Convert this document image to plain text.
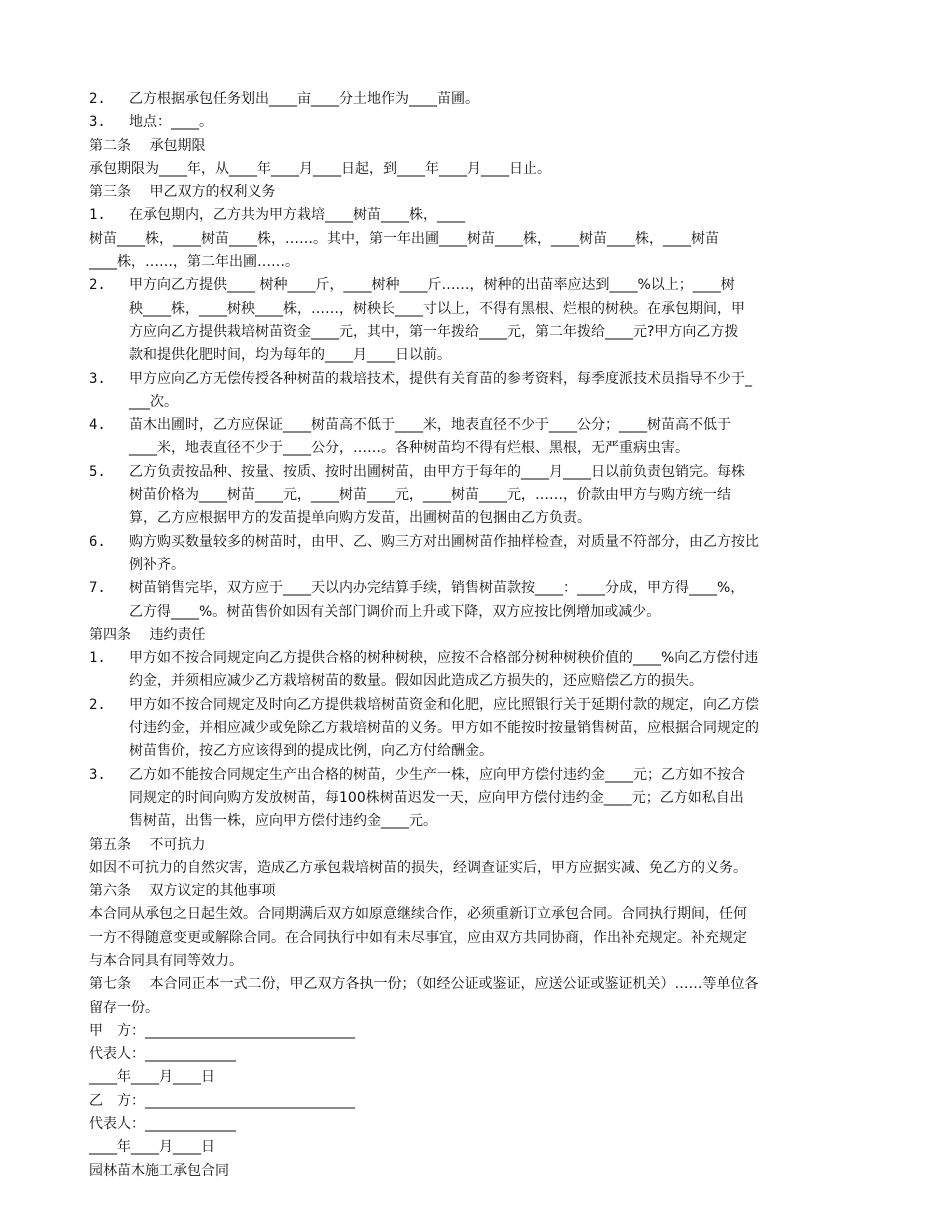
2.	乙方根据承包任务划出____亩____分土地作为____苗圃。
3.	地点：____。
第二条　 承包期限
承包期限为____年，从____年____月____日起，到____年____月____日止。
第三条　 甲乙双方的权利义务
1.	在承包期内，乙方共为甲方栽培____树苗____株，____
树苗____株，____树苗____株，……。其中，第一年出圃____树苗____株，____树苗____株，____树苗
____株，……，第二年出圃……。
2.	甲方向乙方提供____ 树种____斤，____树种____斤……，树种的出苗率应达到____%以上；____树
秧____株，____树秧____株，……，树秧长____寸以上，不得有黑根、烂根的树秧。在承包期间，甲
方应向乙方提供栽培树苗资金____元，其中，第一年拨给____元，第二年拨给____元?甲方向乙方拨
款和提供化肥时间，均为每年的____月____日以前。
3.	甲方应向乙方无偿传授各种树苗的栽培技术，提供有关育苗的参考资料，每季度派技术员指导不少于_
___次。
4.	苗木出圃时，乙方应保证____树苗高不低于____米，地表直径不少于____公分；____树苗高不低于
____米，地表直径不少于____公分，……。各种树苗均不得有烂根、黑根，无严重病虫害。
5.	乙方负责按品种、按量、按质、按时出圃树苗，由甲方于每年的____月____日以前负责包销完。每株
树苗价格为____树苗____元，____树苗____元，____树苗____元，……，价款由甲方与购方统一结
算，乙方应根据甲方的发苗提单向购方发苗，出圃树苗的包捆由乙方负责。
6.	购方购买数量较多的树苗时，由甲、乙、购三方对出圃树苗作抽样检查，对质量不符部分，由乙方按比
例补齐。
7.	树苗销售完毕，双方应于____天以内办完结算手续，销售树苗款按____：____分成，甲方得____%，
乙方得____%。树苗售价如因有关部门调价而上升或下降，双方应按比例增加或减少。
第四条　 违约责任
1.	甲方如不按合同规定向乙方提供合格的树种树秧，应按不合格部分树种树秧价值的____%向乙方偿付违
约金，并须相应减少乙方栽培树苗的数量。假如因此造成乙方损失的，还应赔偿乙方的损失。
2.	甲方如不按合同规定及时向乙方提供栽培树苗资金和化肥，应比照银行关于延期付款的规定，向乙方偿
付违约金，并相应减少或免除乙方栽培树苗的义务。甲方如不能按时按量销售树苗，应根据合同规定的
树苗售价，按乙方应该得到的提成比例，向乙方付给酬金。
3.	乙方如不能按合同规定生产出合格的树苗，少生产一株，应向甲方偿付违约金____元；乙方如不按合
同规定的时间向购方发放树苗，每100株树苗迟发一天，应向甲方偿付违约金____元；乙方如私自出
售树苗，出售一株，应向甲方偿付违约金____元。
第五条　 不可抗力
如因不可抗力的自然灾害，造成乙方承包栽培树苗的损失，经调查证实后，甲方应据实减、免乙方的义务。
第六条　 双方议定的其他事项
本合同从承包之日起生效。合同期满后双方如原意继续合作，必须重新订立承包合同。合同执行期间，任何
一方不得随意变更或解除合同。在合同执行中如有未尽事宜，应由双方共同协商，作出补充规定。补充规定
与本合同具有同等效力。
第七条　 本合同正本一式二份，甲乙双方各执一份；（如经公证或鉴证，应送公证或鉴证机关）……等单位各
留存一份。
甲　方：______________________________
代表人：_____________
____年____月____日
乙　方：______________________________
代表人：_____________
____年____月____日
园林苗木施工承包合同
